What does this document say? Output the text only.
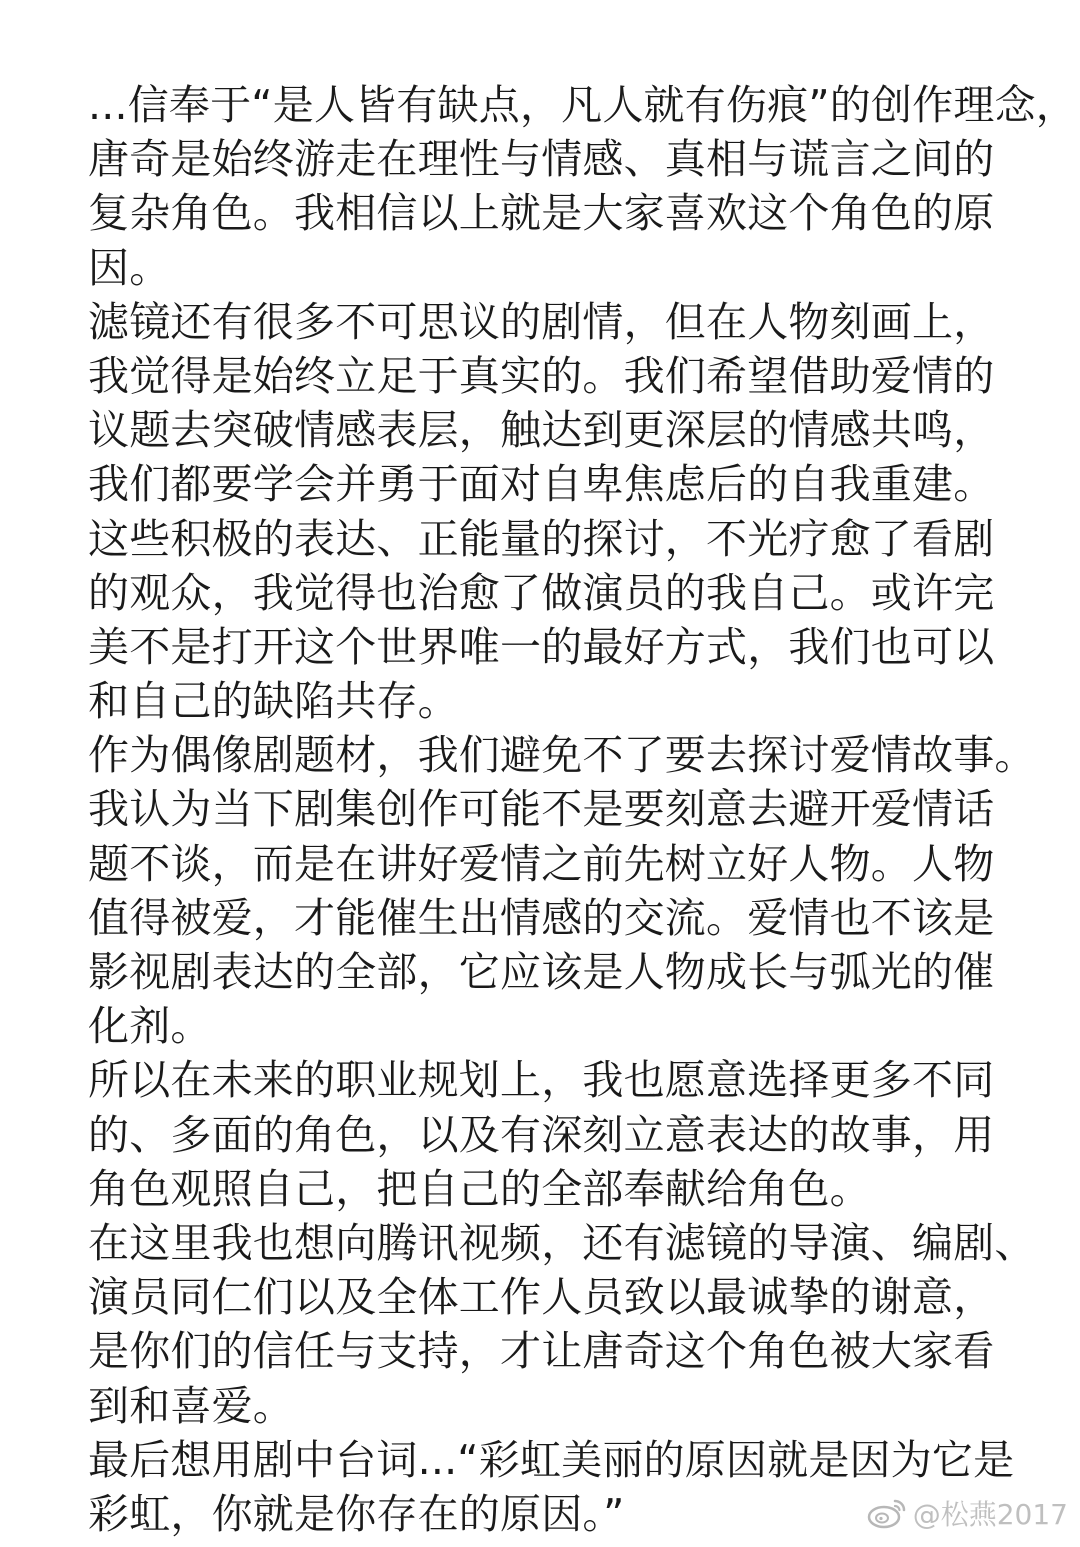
...信奉于“是人皆有缺点，凡人就有伤痕”的创作理念，
唐奇是始终游走在理性与情感、真相与谎言之间的
复杂角色。我相信以上就是大家喜欢这个角色的原
因。
滤镜还有很多不可思议的剧情，但在人物刻画上，
我觉得是始终立足于真实的。我们希望借助爱情的
议题去突破情感表层，触达到更深层的情感共鸣，
我们都要学会并勇于面对自卑焦虑后的自我重建。
这些积极的表达、正能量的探讨，不光疗愈了看剧
的观众，我觉得也治愈了做演员的我自己。或许完
美不是打开这个世界唯一的最好方式，我们也可以
和自己的缺陷共存。
作为偶像剧题材，我们避免不了要去探讨爱情故事。
我认为当下剧集创作可能不是要刻意去避开爱情话
题不谈，而是在讲好爱情之前先树立好人物。人物
值得被爱，才能催生出情感的交流。爱情也不该是
影视剧表达的全部，它应该是人物成长与弧光的催
化剂。
所以在未来的职业规划上，我也愿意选择更多不同
的、多面的角色，以及有深刻立意表达的故事，用
角色观照自己，把自己的全部奉献给角色。
在这里我也想向腾讯视频，还有滤镜的导演、编剧、
演员同仁们以及全体工作人员致以最诚挚的谢意，
是你们的信任与支持，才让唐奇这个角色被大家看
到和喜爱。
最后想用剧中台词...“彩虹美丽的原因就是因为它是
彩虹，你就是你存在的原因。”	@松燕2017
